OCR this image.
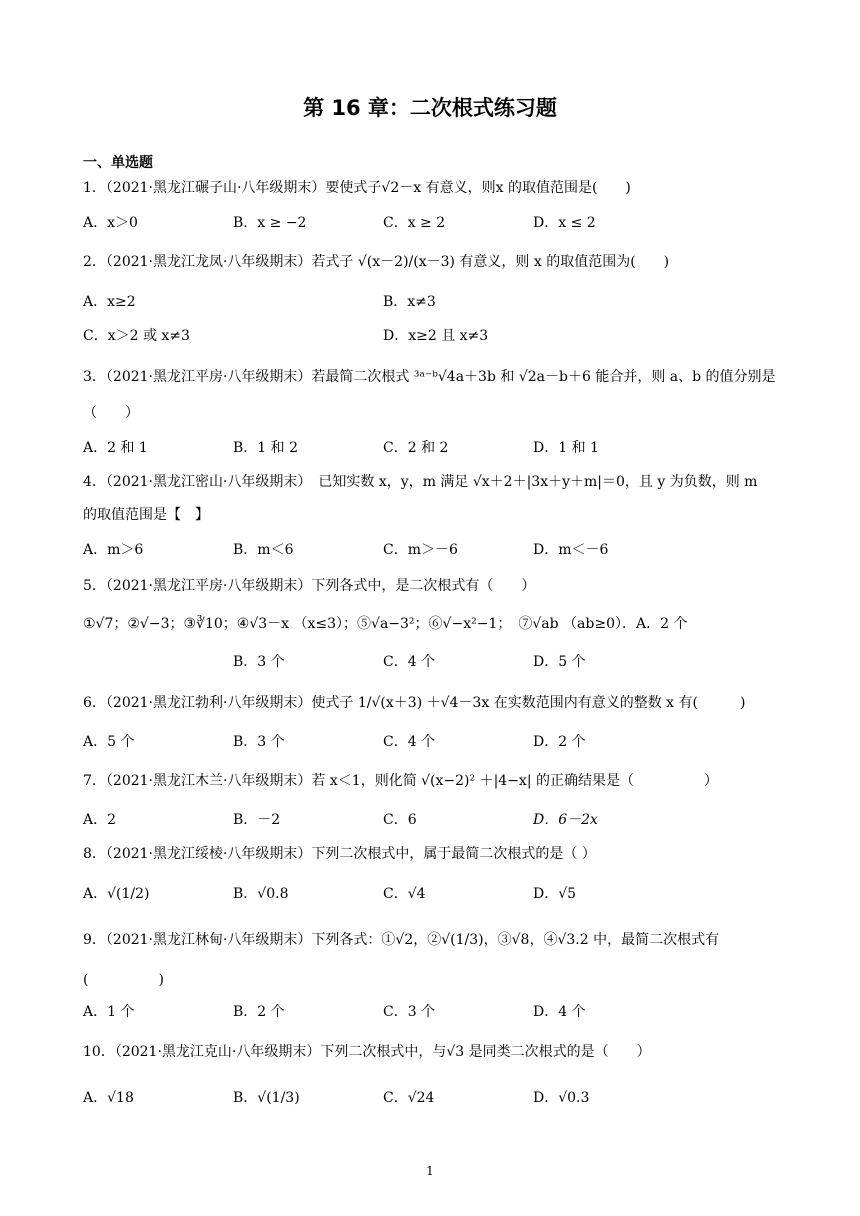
第 16 章：二次根式练习题
一、单选题
1．（2021·黑龙江碾子山·八年级期末）要使式子√2－x 有意义，则x 的取值范围是(　　)
A．x＞0	B．x ≥ −2	C．x ≥ 2	D．x ≤ 2
2．（2021·黑龙江龙凤·八年级期末）若式子 √(x－2)/(x－3) 有意义，则 x 的取值范围为(　　)
A．x≥2	B．x≠3
C．x＞2 或 x≠3	D．x≥2 且 x≠3
3．（2021·黑龙江平房·八年级期末）若最简二次根式 ³ᵃ⁻ᵇ√4a＋3b 和 √2a－b＋6 能合并，则 a、b 的值分别是
（　　）
A．2 和 1	B．1 和 2	C．2 和 2	D．1 和 1
4．（2021·黑龙江密山·八年级期末）　已知实数 x，y，m 满足 √x＋2＋|3x＋y＋m|＝0，且 y 为负数，则 m
的取值范围是【　】
A．m＞6	B．m＜6	C．m＞－6	D．m＜－6
5．（2021·黑龙江平房·八年级期末）下列各式中，是二次根式有（　　）
①√7；②√−3；③∛10；④√3－x （x≤3）；⑤√a−3²；⑥√−x²−1；　⑦√ab （ab≥0）．A．2 个
B．3 个	C．4 个	D．5 个
6．（2021·黑龙江勃利·八年级期末）使式子 1/√(x＋3) ＋√4－3x 在实数范围内有意义的整数 x 有(　　　)
A．5 个	B．3 个	C．4 个	D．2 个
7．（2021·黑龙江木兰·八年级期末）若 x＜1，则化简 √(x−2)² ＋|4−x| 的正确结果是（　　　　　）
A．2	B．－2	C．6	D．6－2x
8．（2021·黑龙江绥棱·八年级期末）下列二次根式中，属于最简二次根式的是（ ）
A．√(1/2)	B．√0.8	C．√4	D．√5
9．（2021·黑龙江林甸·八年级期末）下列各式：①√2，②√(1/3)，③√8，④√3.2 中，最简二次根式有
(　　　　　)
A．1 个	B．2 个	C．3 个	D．4 个
10．（2021·黑龙江克山·八年级期末）下列二次根式中，与√3 是同类二次根式的是（　　）
A．√18	B．√(1/3)	C．√24	D．√0.3
1
